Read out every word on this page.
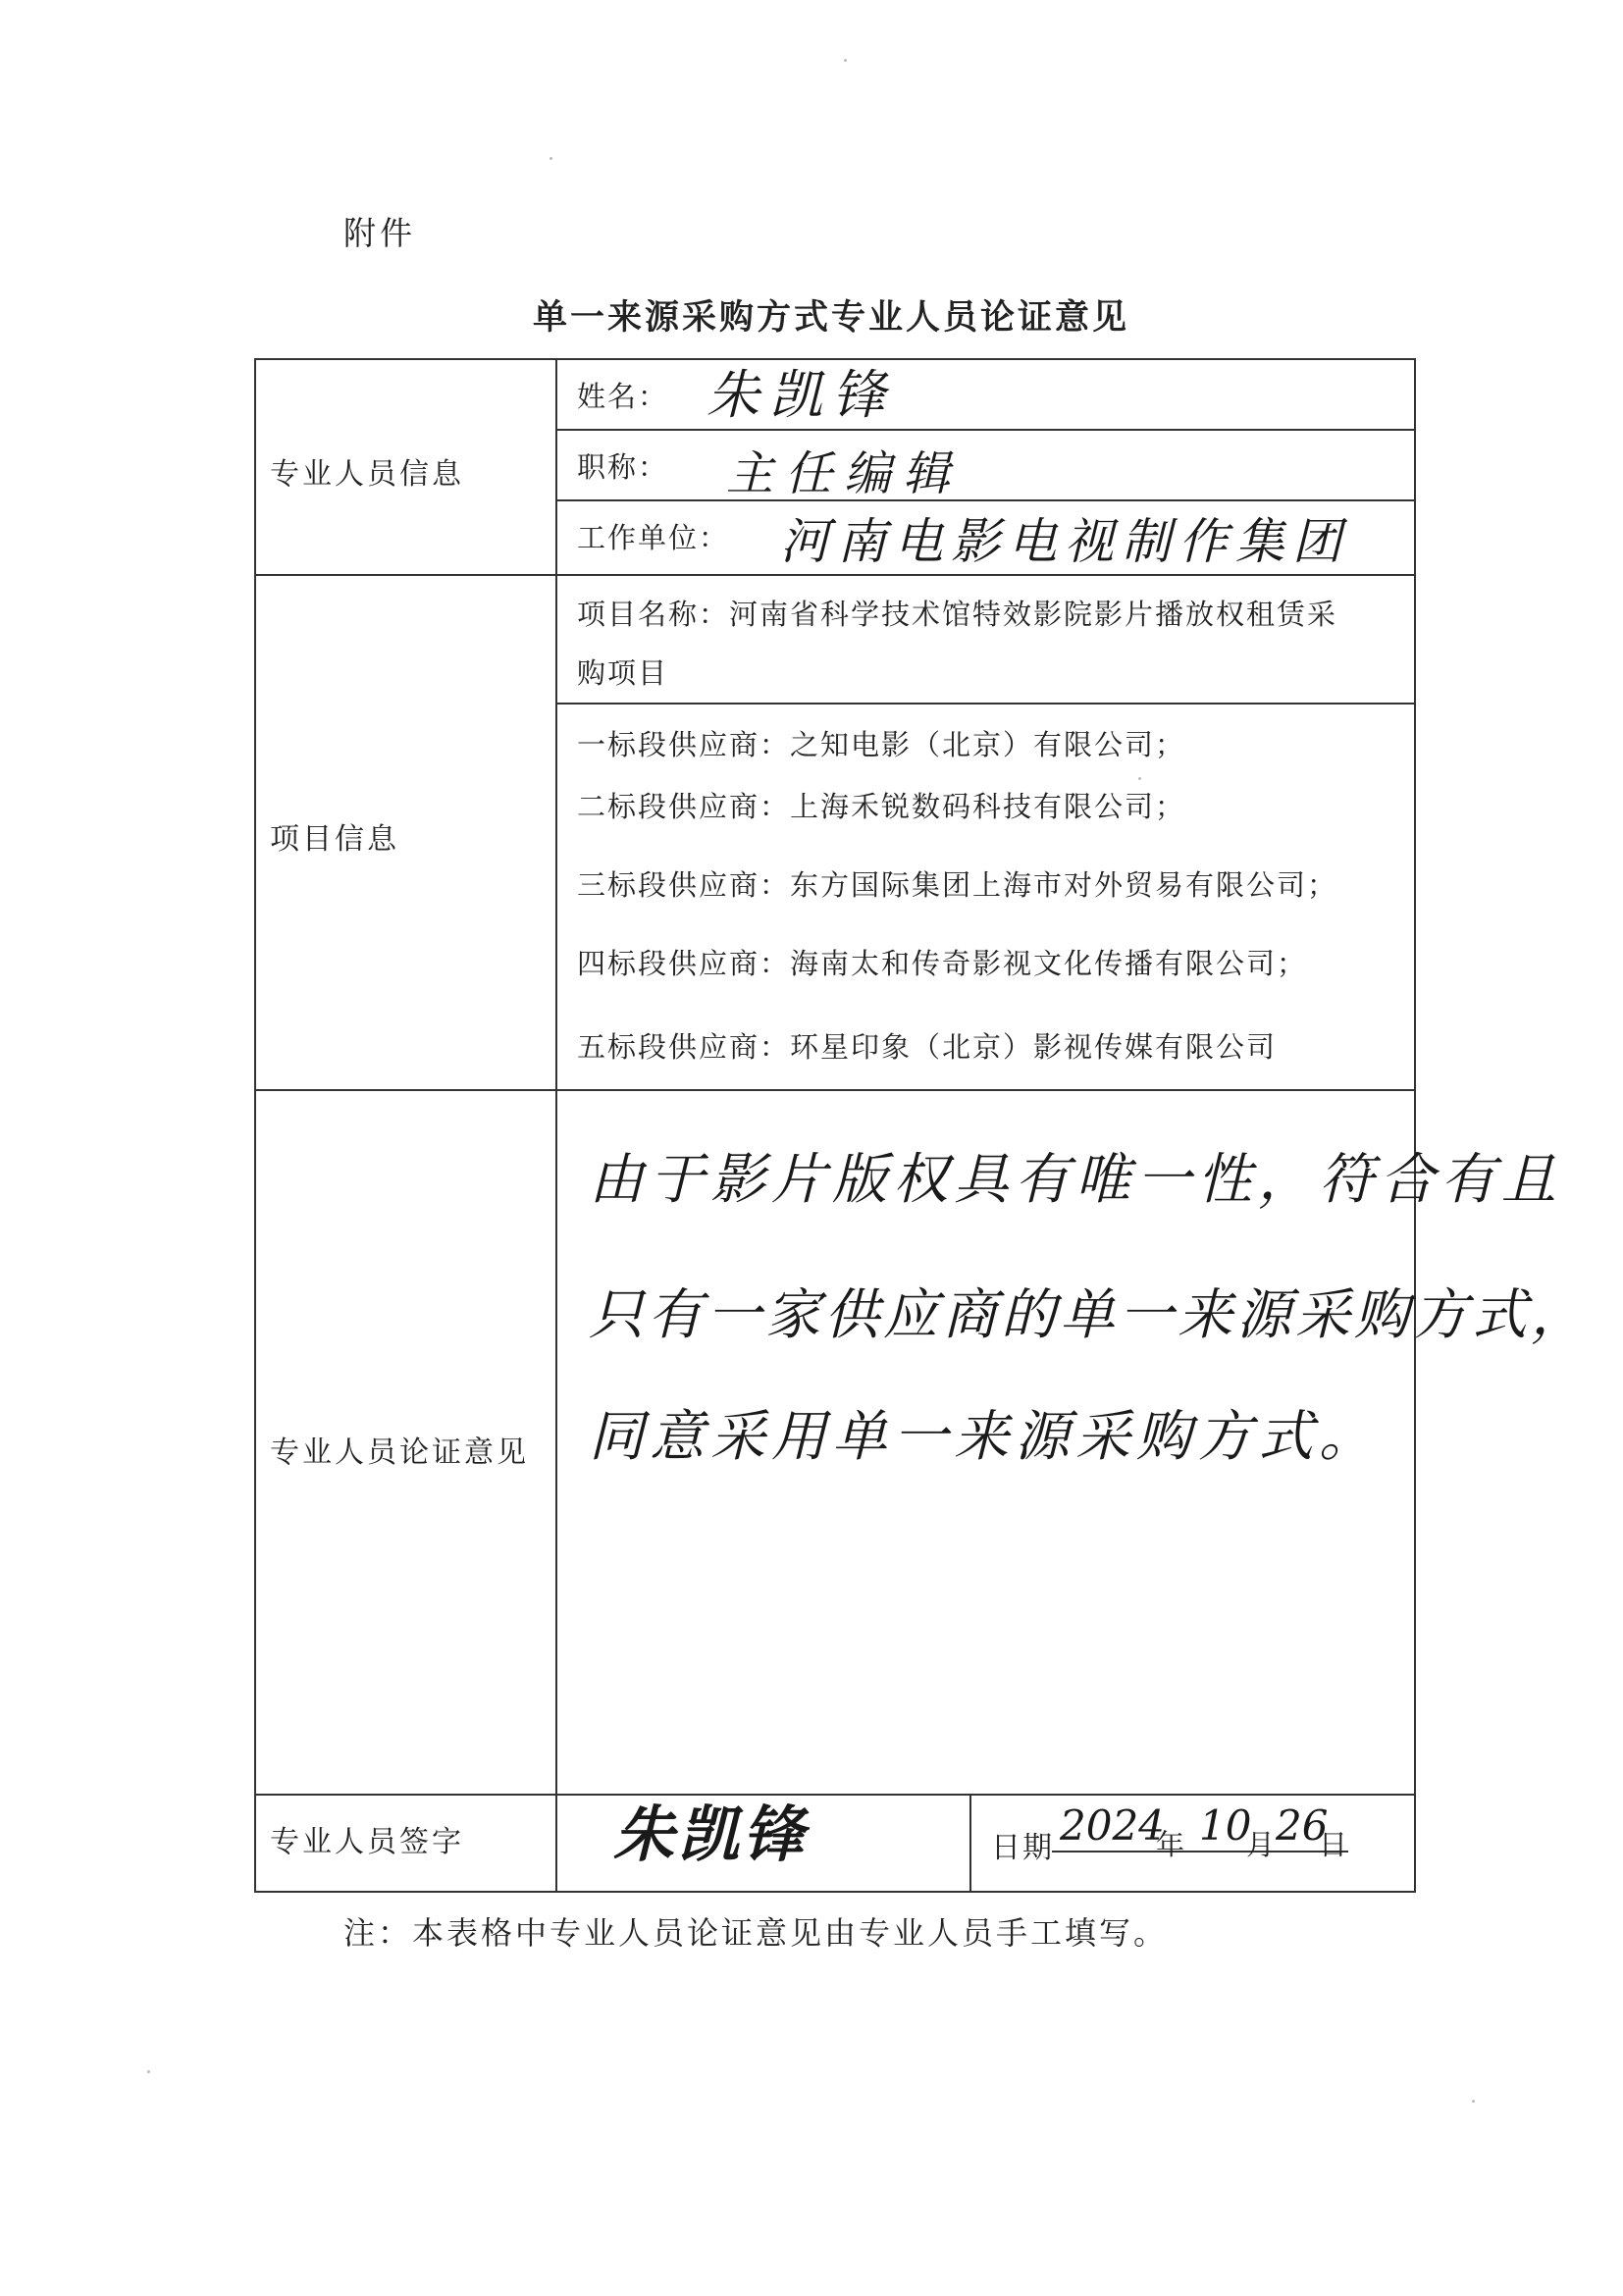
附件
单一来源采购方式专业人员论证意见
专业人员信息
姓名： 朱凯锋
职称： 主任编辑
工作单位： 河南电影电视制作集团
项目信息
项目名称：河南省科学技术馆特效影院影片播放权租赁采
购项目
一标段供应商：之知电影（北京）有限公司；
二标段供应商：上海禾锐数码科技有限公司；
三标段供应商：东方国际集团上海市对外贸易有限公司；
四标段供应商：海南太和传奇影视文化传播有限公司；
五标段供应商：环星印象（北京）影视传媒有限公司
专业人员论证意见
由于影片版权具有唯一性，符合有且
只有一家供应商的单一来源采购方式，
同意采用单一来源采购方式。
专业人员签字 朱凯锋	日期 2024
年 10
月
26
日
注：本表格中专业人员论证意见由专业人员手工填写。
